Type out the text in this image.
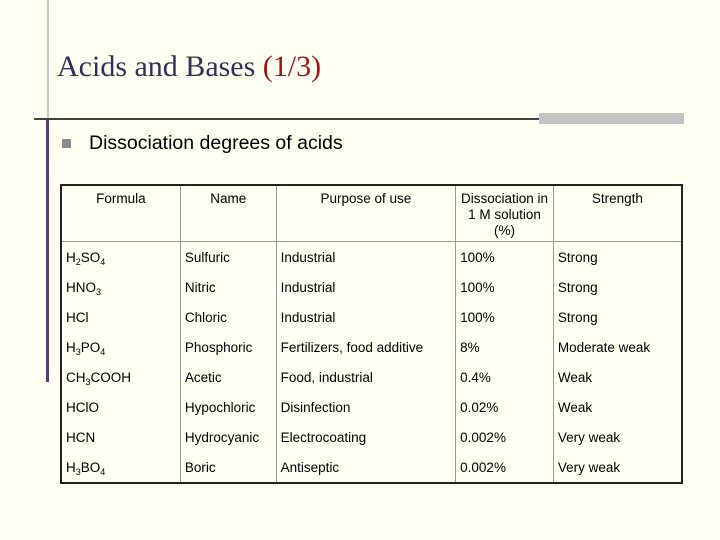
Acids and Bases (1/3)
Dissociation degrees of acids
Formula	Name	Purpose of use	Dissociation in 1 M solution (%)	Strength
$H_2SO_4$	Sulfuric	Industrial	100%	Strong
$HNO_3$	Nitric	Industrial	100%	Strong
HCl	Chloric	Industrial	100%	Strong
$H_3PO_4$	Phosphoric	Fertilizers, food additive	8%	Moderate weak
$CH_3COOH$	Acetic	Food, industrial	0.4%	Weak
HClO	Hypochloric	Disinfection	0.02%	Weak
HCN	Hydrocyanic	Electrocoating	0.002%	Very weak
$H_3BO_4$	Boric	Antiseptic	0.002%	Very weak
